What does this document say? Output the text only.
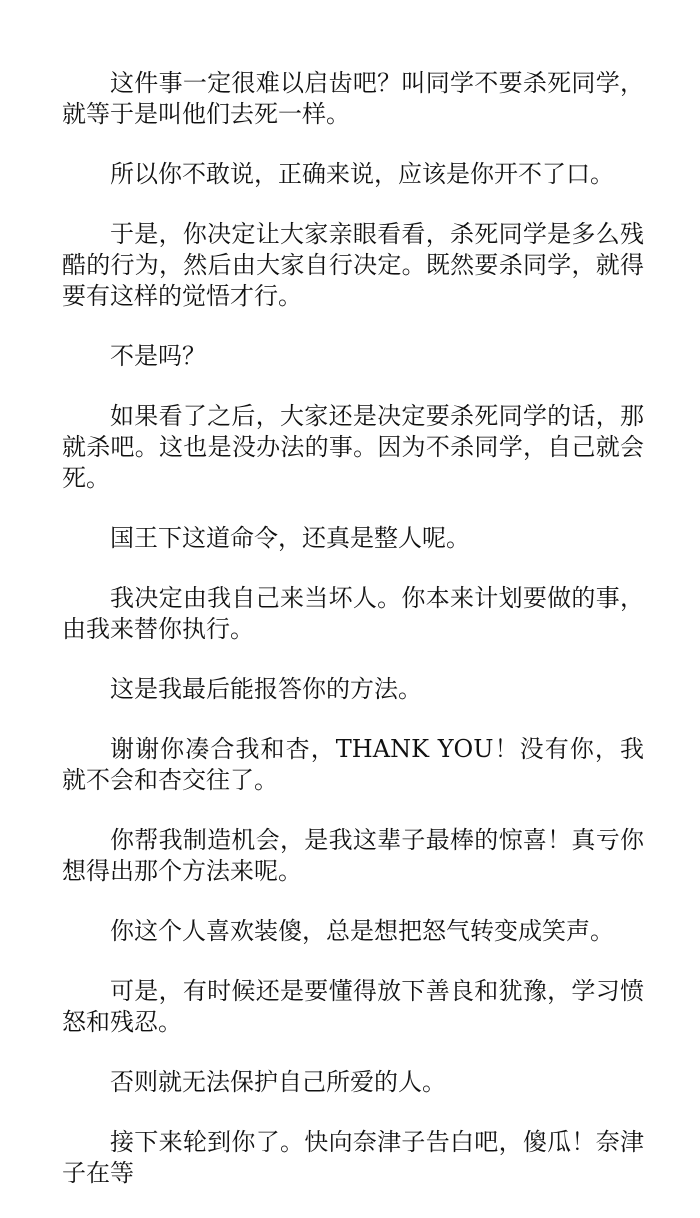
这件事一定很难以启齿吧？叫同学不要杀死同学，就等于是叫他们去死一样。

所以你不敢说，正确来说，应该是你开不了口。

于是，你决定让大家亲眼看看，杀死同学是多么残酷的行为，然后由大家自行决定。既然要杀同学，就得要有这样的觉悟才行。

不是吗？

如果看了之后，大家还是决定要杀死同学的话，那就杀吧。这也是没办法的事。因为不杀同学，自己就会死。

国王下这道命令，还真是整人呢。

我决定由我自己来当坏人。你本来计划要做的事，由我来替你执行。

这是我最后能报答你的方法。

谢谢你凑合我和杏，THANK YOU！没有你，我就不会和杏交往了。

你帮我制造机会，是我这辈子最棒的惊喜！真亏你想得出那个方法来呢。

你这个人喜欢装傻，总是想把怒气转变成笑声。

可是，有时候还是要懂得放下善良和犹豫，学习愤怒和残忍。

否则就无法保护自己所爱的人。

接下来轮到你了。快向奈津子告白吧，傻瓜！奈津子在等
